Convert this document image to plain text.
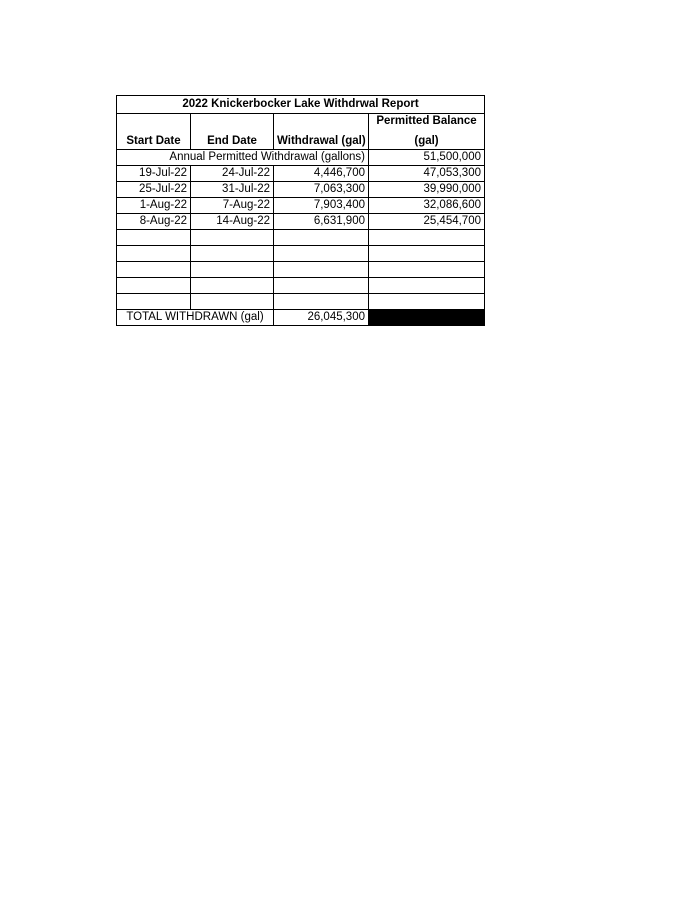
2022 Knickerbocker Lake Withdrwal Report			
			Permitted Balance
Start Date	End Date	Withdrawal (gal)	(gal)
Annual Permitted Withdrawal (gallons)			51,500,000
19-Jul-22	24-Jul-22	4,446,700	47,053,300
25-Jul-22	31-Jul-22	7,063,300	39,990,000
1-Aug-22	7-Aug-22	7,903,400	32,086,600
8-Aug-22	14-Aug-22	6,631,900	25,454,700

TOTAL WITHDRAWN (gal)		26,045,300	
